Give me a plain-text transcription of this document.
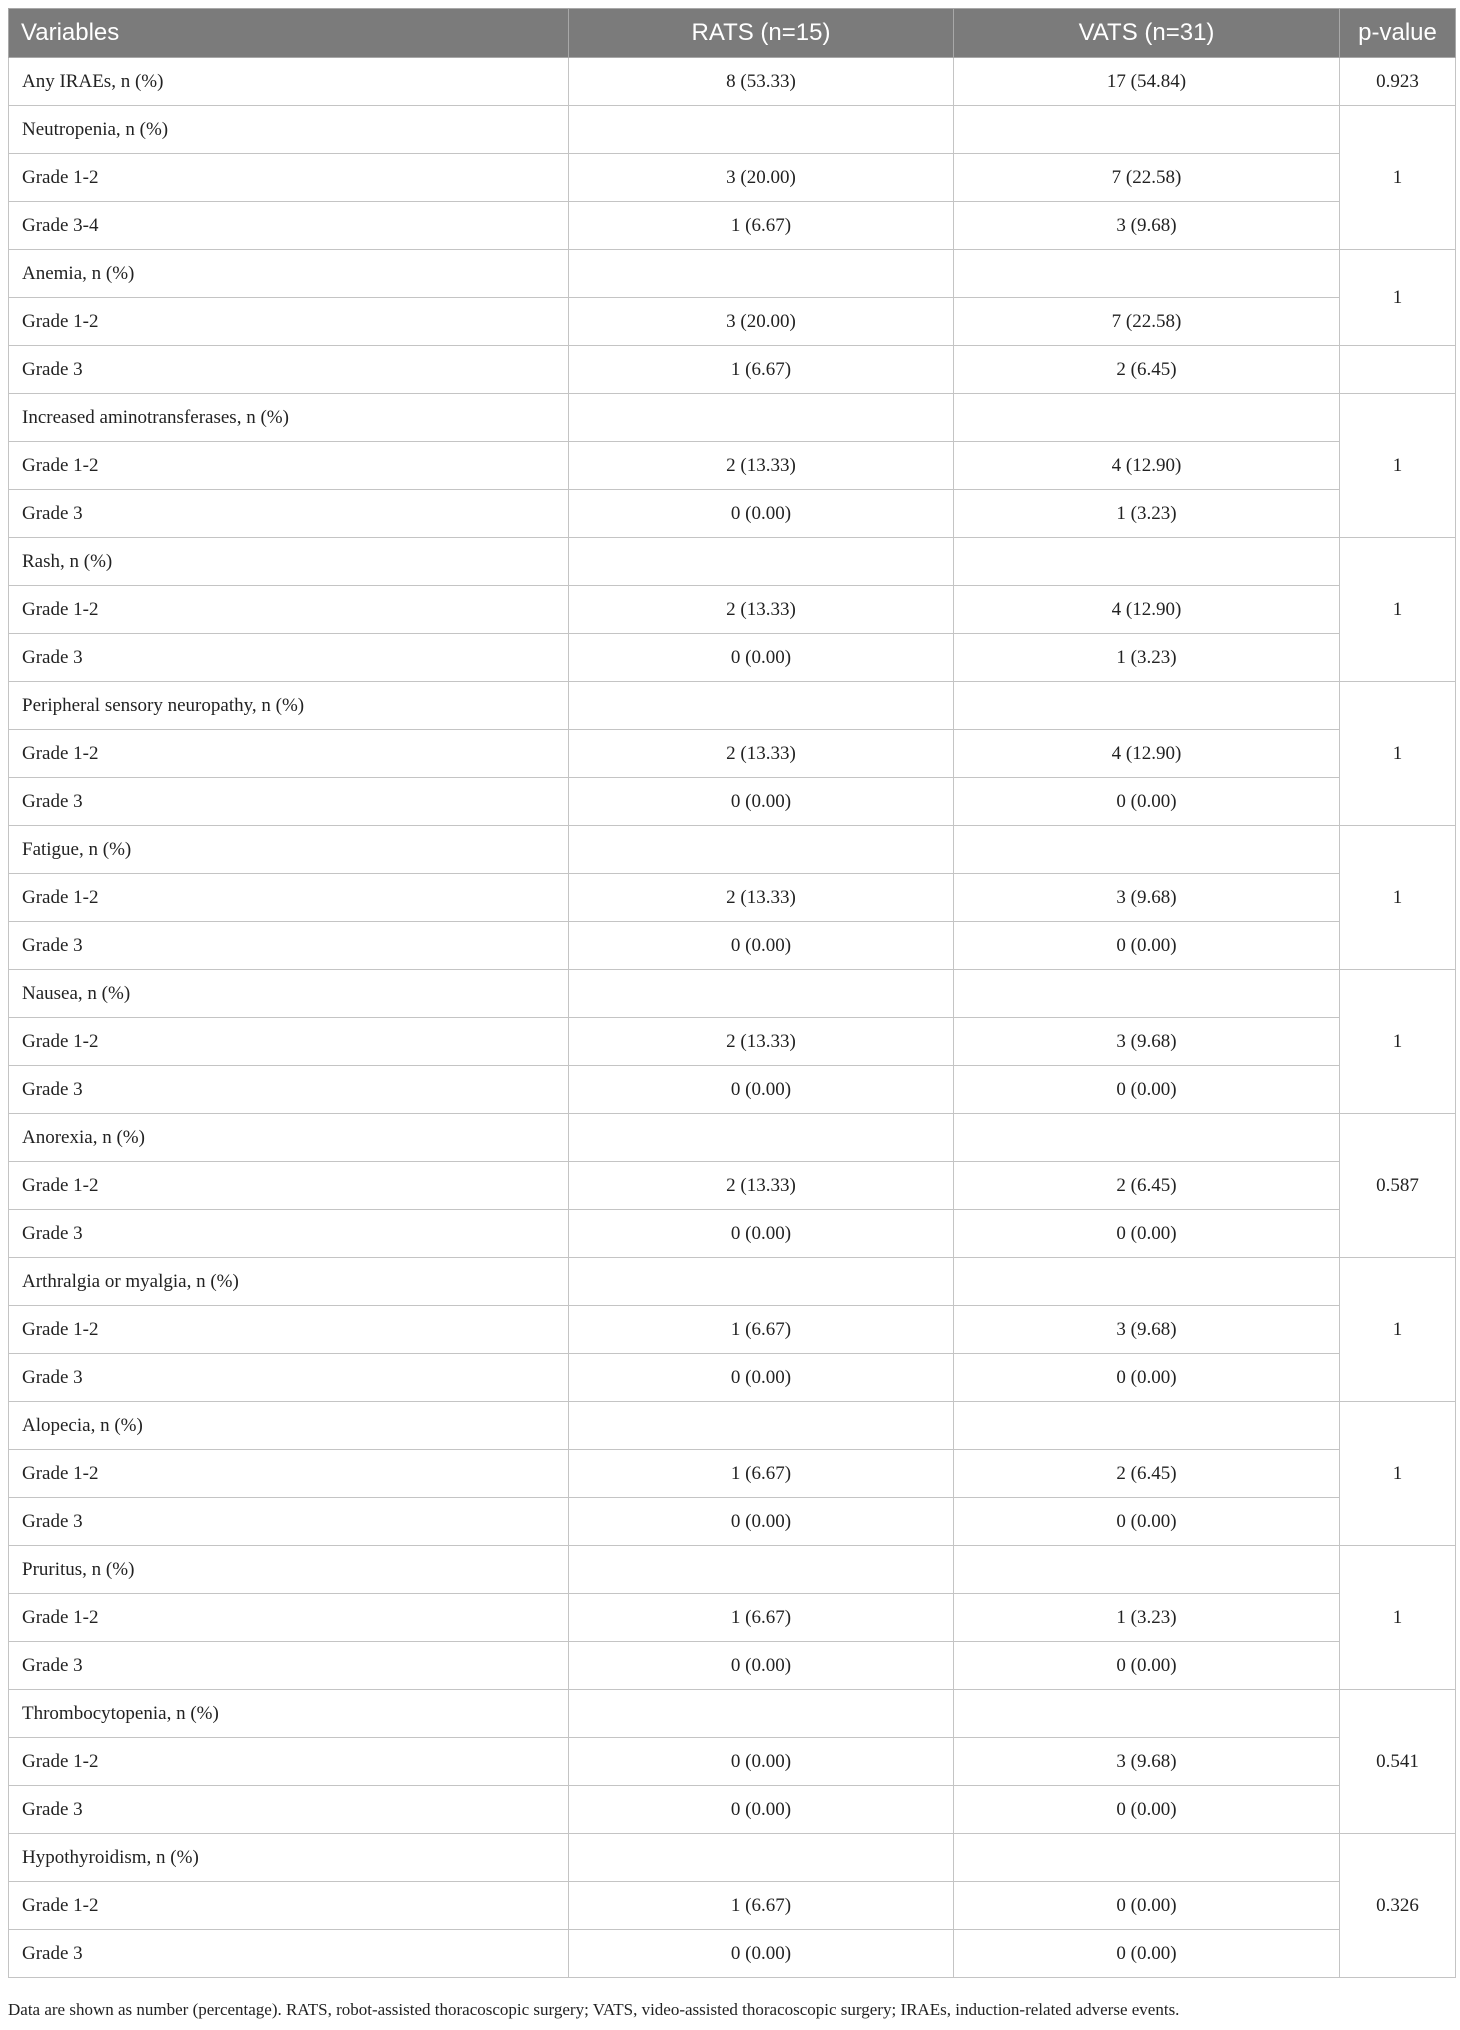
Variables	RATS (n=15)	VATS (n=31)	p-value
Any IRAEs, n (%)	8 (53.33)	17 (54.84)	0.923
Neutropenia, n (%)			1
Grade 1-2	3 (20.00)	7 (22.58)	
Grade 3-4	1 (6.67)	3 (9.68)	
Anemia, n (%)			1
Grade 1-2	3 (20.00)	7 (22.58)	
Grade 3	1 (6.67)	2 (6.45)	
Increased aminotransferases, n (%)			1
Grade 1-2	2 (13.33)	4 (12.90)	
Grade 3	0 (0.00)	1 (3.23)	
Rash, n (%)			1
Grade 1-2	2 (13.33)	4 (12.90)	
Grade 3	0 (0.00)	1 (3.23)	
Peripheral sensory neuropathy, n (%)			1
Grade 1-2	2 (13.33)	4 (12.90)	
Grade 3	0 (0.00)	0 (0.00)	
Fatigue, n (%)			1
Grade 1-2	2 (13.33)	3 (9.68)	
Grade 3	0 (0.00)	0 (0.00)	
Nausea, n (%)			1
Grade 1-2	2 (13.33)	3 (9.68)	
Grade 3	0 (0.00)	0 (0.00)	
Anorexia, n (%)			0.587
Grade 1-2	2 (13.33)	2 (6.45)	
Grade 3	0 (0.00)	0 (0.00)	
Arthralgia or myalgia, n (%)			1
Grade 1-2	1 (6.67)	3 (9.68)	
Grade 3	0 (0.00)	0 (0.00)	
Alopecia, n (%)			1
Grade 1-2	1 (6.67)	2 (6.45)	
Grade 3	0 (0.00)	0 (0.00)	
Pruritus, n (%)			1
Grade 1-2	1 (6.67)	1 (3.23)	
Grade 3	0 (0.00)	0 (0.00)	
Thrombocytopenia, n (%)			0.541
Grade 1-2	0 (0.00)	3 (9.68)	
Grade 3	0 (0.00)	0 (0.00)	
Hypothyroidism, n (%)			0.326
Grade 1-2	1 (6.67)	0 (0.00)	
Grade 3	0 (0.00)	0 (0.00)	
Data are shown as number (percentage). RATS, robot-assisted thoracoscopic surgery; VATS, video-assisted thoracoscopic surgery; IRAEs, induction-related adverse events.
